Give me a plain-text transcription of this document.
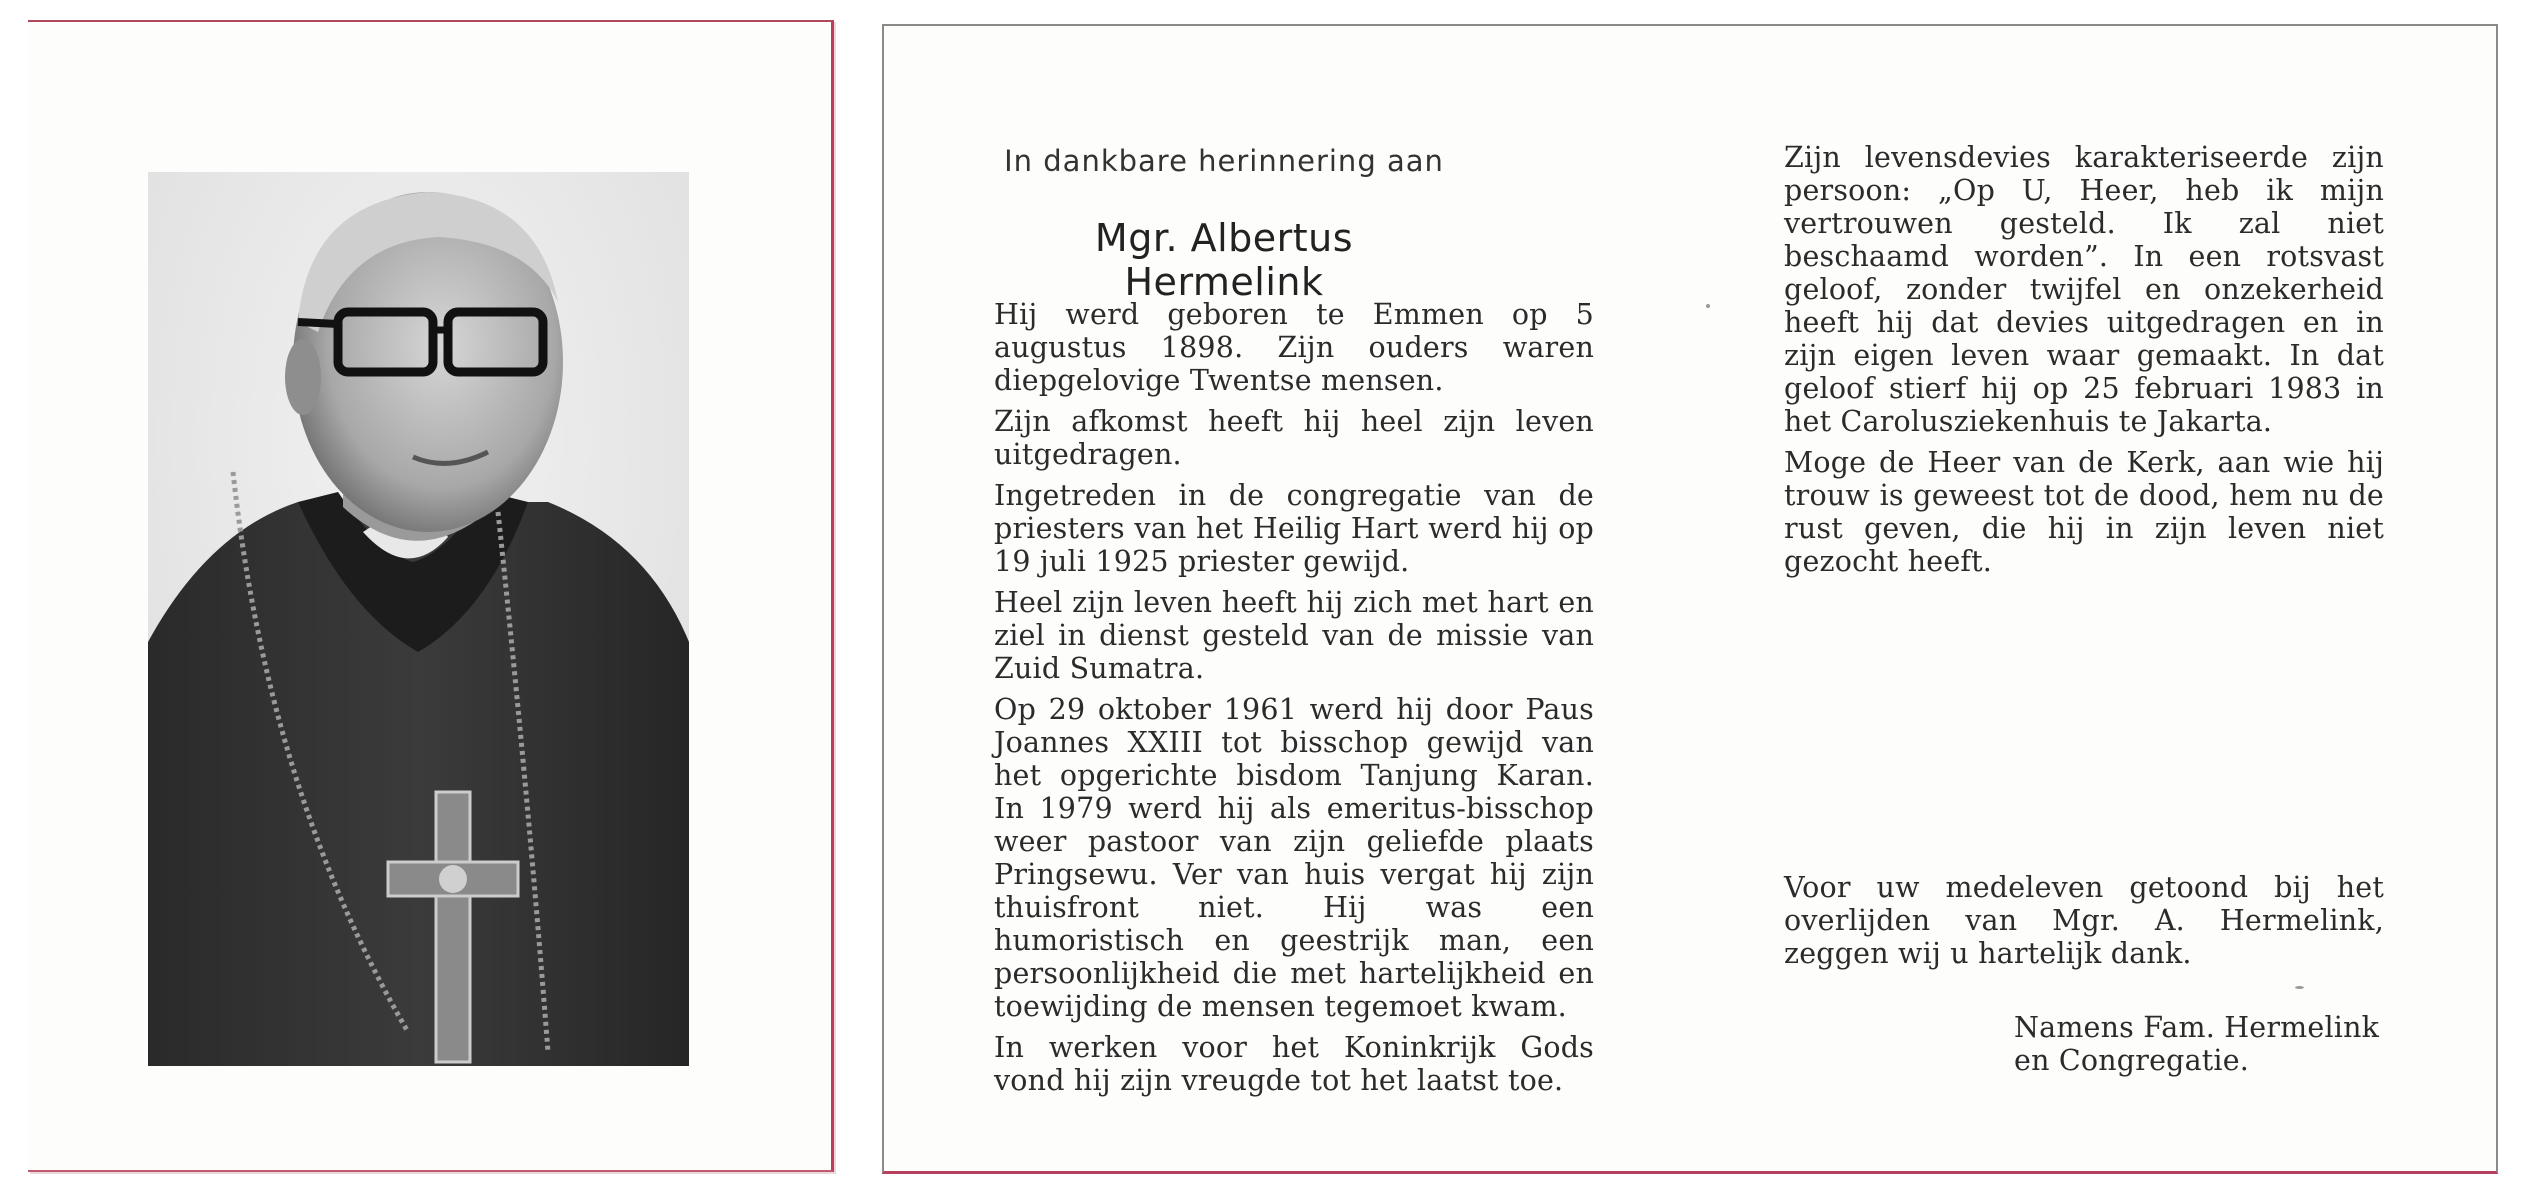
In dankbare herinnering aan
Mgr. Albertus Hermelink

Hij werd geboren te Emmen op 5 augustus 1898. Zijn ouders waren diepgelovige Twentse mensen.

Zijn afkomst heeft hij heel zijn leven uitgedragen.

Ingetreden in de congregatie van de priesters van het Heilig Hart werd hij op 19 juli 1925 priester gewijd.

Heel zijn leven heeft hij zich met hart en ziel in dienst gesteld van de missie van Zuid Sumatra.

Op 29 oktober 1961 werd hij door Paus Joannes XXIII tot bisschop gewijd van het opgerichte bisdom Tanjung Karan. In 1979 werd hij als emeritus-bisschop weer pastoor van zijn geliefde plaats Pringsewu. Ver van huis vergat hij zijn thuisfront niet. Hij was een humoristisch en geestrijk man, een persoonlijkheid die met hartelijkheid en toewijding de mensen tegemoet kwam.

In werken voor het Koninkrijk Gods vond hij zijn vreugde tot het laatst toe.

Zijn levensdevies karakteriseerde zijn persoon: „Op U, Heer, heb ik mijn vertrouwen gesteld. Ik zal niet beschaamd worden”. In een rotsvast geloof, zonder twijfel en onzekerheid heeft hij dat devies uitgedragen en in zijn eigen leven waar gemaakt. In dat geloof stierf hij op 25 februari 1983 in het Carolusziekenhuis te Jakarta.

Moge de Heer van de Kerk, aan wie hij trouw is geweest tot de dood, hem nu de rust geven, die hij in zijn leven niet gezocht heeft.

Voor uw medeleven getoond bij het overlijden van Mgr. A. Hermelink, zeggen wij u hartelijk dank.
Namens Fam. Hermelink
en Congregatie.
